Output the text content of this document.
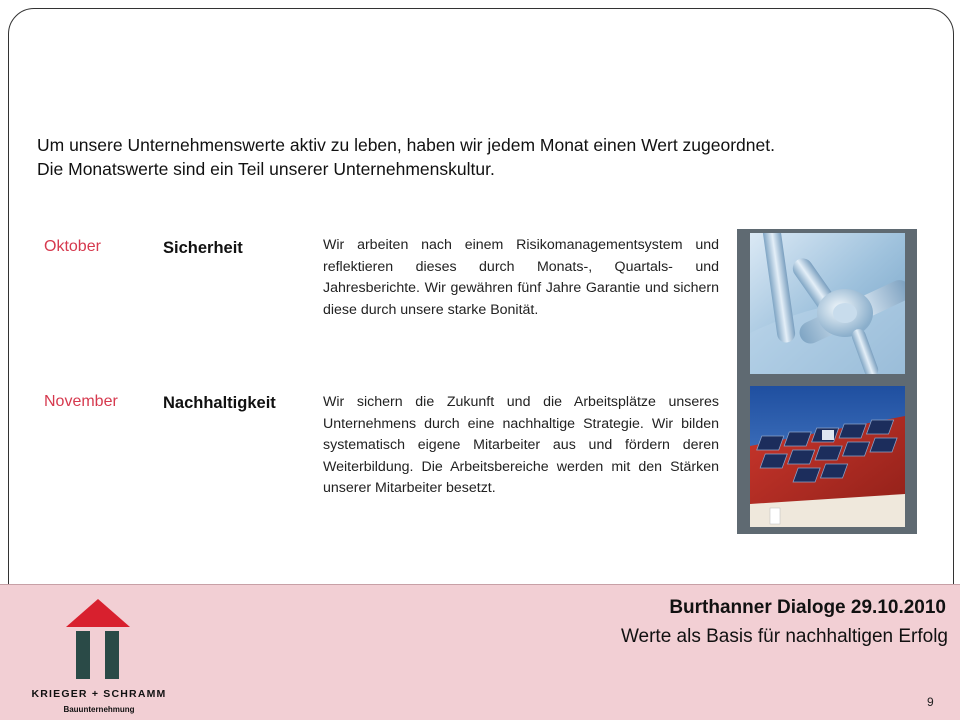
Um unsere Unternehmenswerte aktiv zu leben, haben wir jedem Monat einen Wert zugeordnet.
Die Monatswerte sind ein Teil unserer Unternehmenskultur.

Oktober	Sicherheit	Wir arbeiten nach einem Risikomanagementsystem und reflektieren dieses durch Monats-, Quartals- und Jahresberichte. Wir gewähren fünf Jahre Garantie und sichern diese durch unsere starke Bonität.

November	Nachhaltigkeit	Wir sichern die Zukunft und die Arbeitsplätze unseres Unternehmens durch eine nachhaltige Strategie. Wir bilden systematisch eigene Mitarbeiter aus und fördern deren Weiterbildung. Die Arbeitsbereiche werden mit den Stärken unserer Mitarbeiter besetzt.

KRIEGER + SCHRAMM
Bauunternehmung
Burthanner Dialoge 29.10.2010
Werte als Basis für nachhaltigen Erfolg
9
